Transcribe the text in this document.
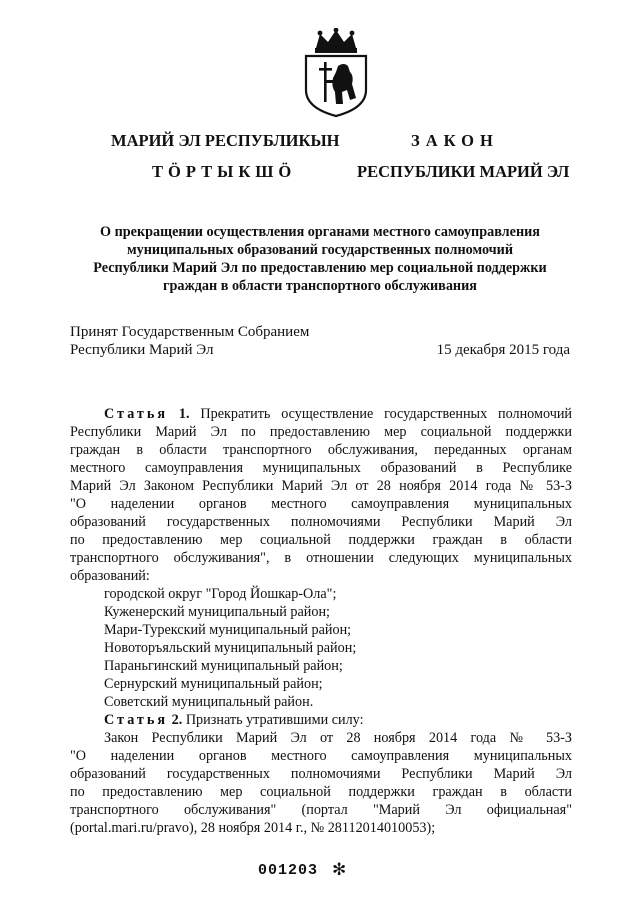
МАРИЙ ЭЛ РЕСПУБЛИКЫН
ТӦРТЫКШӦ
ЗАКОН
РЕСПУБЛИКИ МАРИЙ ЭЛ
О прекращении осуществления органами местного самоуправления
муниципальных образований государственных полномочий
Республики Марий Эл по предоставлению мер социальной поддержки
граждан в области транспортного обслуживания
Принят Государственным Собранием
Республики Марий Эл	15 декабря 2015 года
Статья 1. Прекратить осуществление государственных полномочий
Республики Марий Эл по предоставлению мер социальной поддержки
граждан в области транспортного обслуживания, переданных органам
местного самоуправления муниципальных образований в Республике
Марий Эл Законом Республики Марий Эл от 28 ноября 2014 года № 53-З
"О наделении органов местного самоуправления муниципальных
образований государственных полномочиями Республики Марий Эл
по предоставлению мер социальной поддержки граждан в области
транспортного обслуживания", в отношении следующих муниципальных
образований:
городской округ "Город Йошкар-Ола";
Куженерский муниципальный район;
Мари-Турекский муниципальный район;
Новоторъяльский муниципальный район;
Параньгинский муниципальный район;
Сернурский муниципальный район;
Советский муниципальный район.
Статья 2. Признать утратившими силу:
Закон Республики Марий Эл от 28 ноября 2014 года № 53-З
"О наделении органов местного самоуправления муниципальных
образований государственных полномочиями Республики Марий Эл
по предоставлению мер социальной поддержки граждан в области
транспортного обслуживания" (портал "Марий Эл официальная"
(portal.mari.ru/pravo), 28 ноября 2014 г., № 28112014010053);
001203 ✻
